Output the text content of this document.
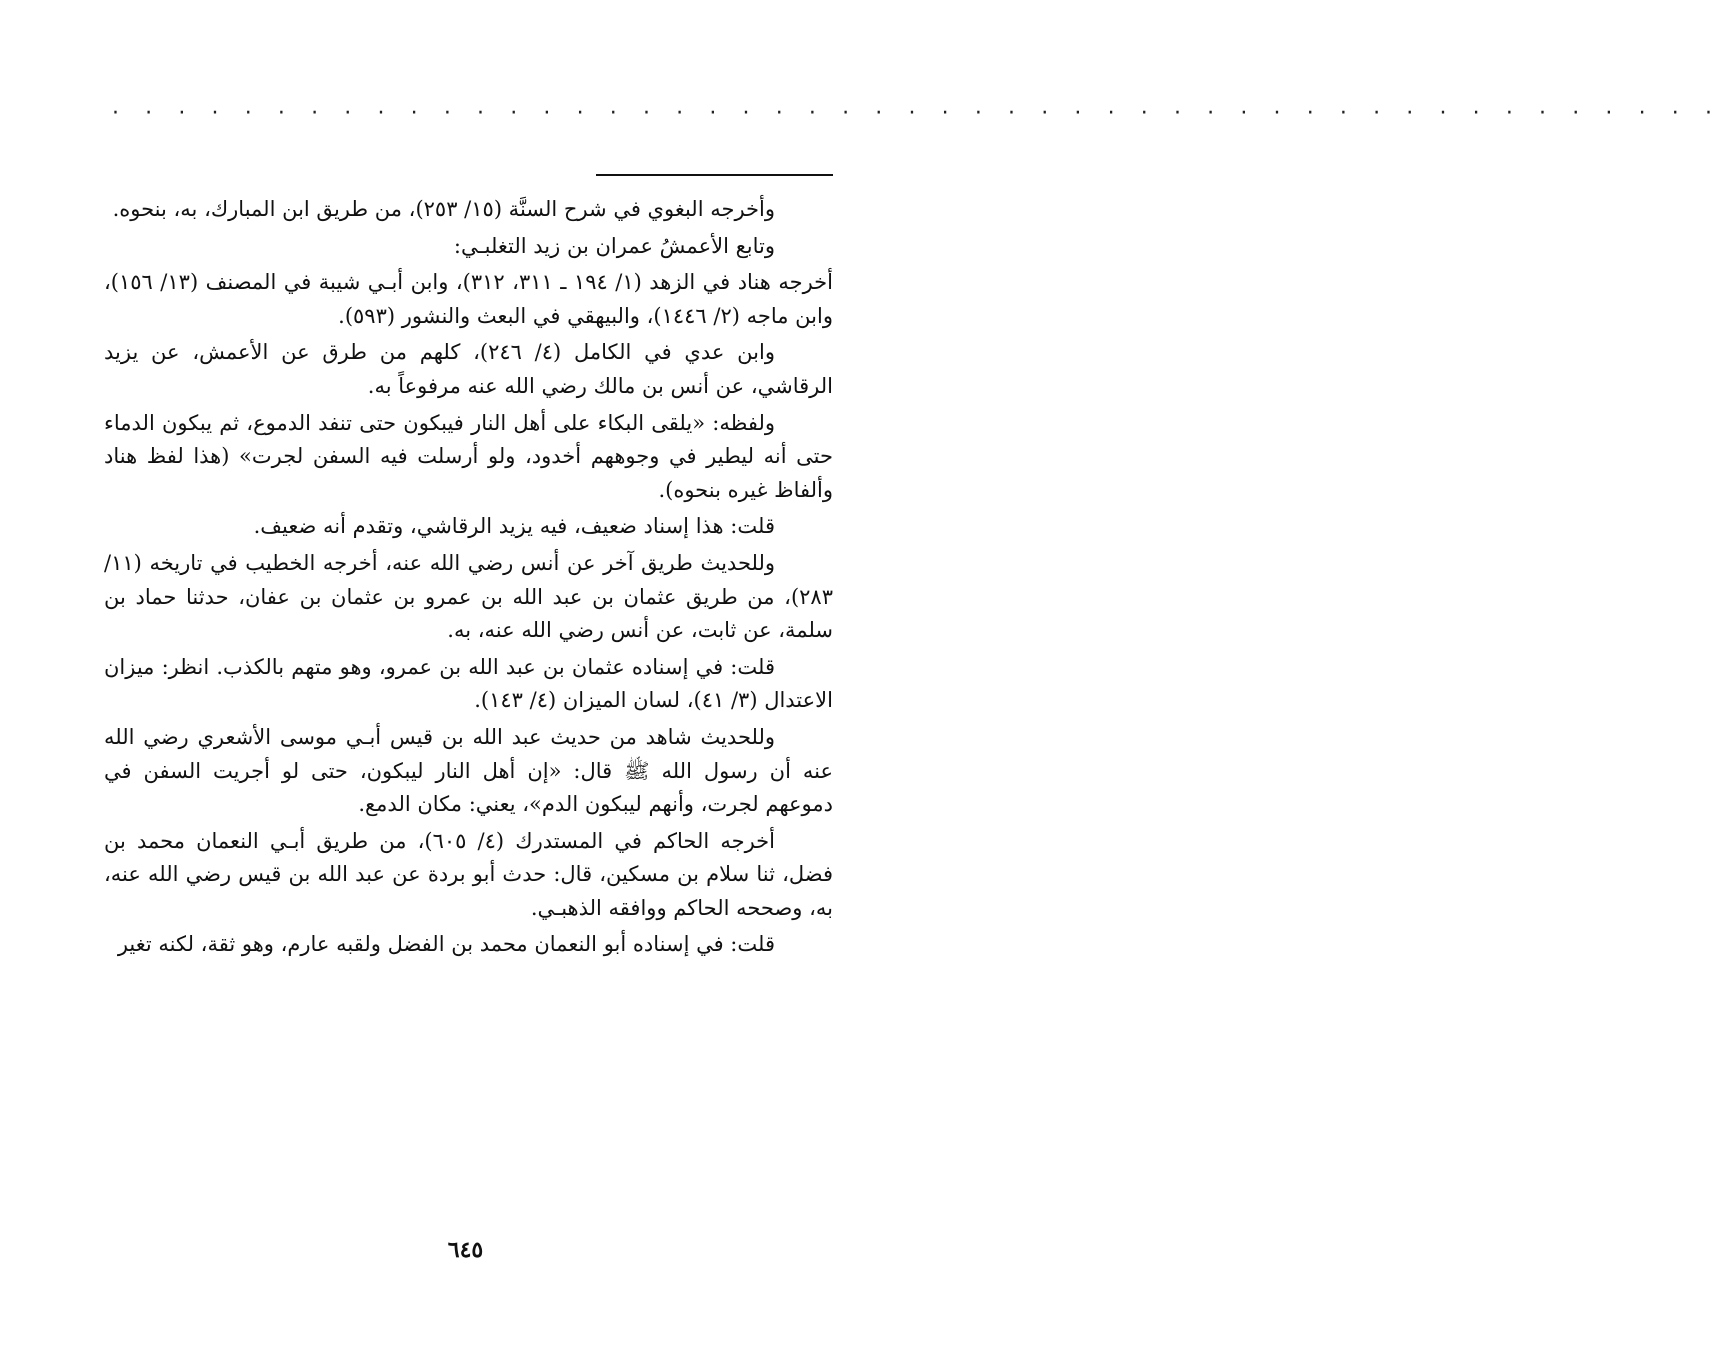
· · · · · · · · · · · · · · · · · · · · · · · · · · · · · · · · · · · · · · · · · · · · · · · · ·

وأخرجه البغوي في شرح السنَّة (١٥/ ٢٥٣)، من طريق ابن المبارك، به، بنحوه.

وتابع الأعمشُ عمران بن زيد التغلبـي:

أخرجه هناد في الزهد (١/ ١٩٤ ـ ٣١١، ٣١٢)، وابن أبـي شيبة في المصنف (١٣/ ١٥٦)، وابن ماجه (٢/ ١٤٤٦)، والبيهقي في البعث والنشور (٥٩٣).

وابن عدي في الكامل (٤/ ٢٤٦)، كلهم من طرق عن الأعمش، عن يزيد الرقاشي، عن أنس بن مالك رضي الله عنه مرفوعاً به.

ولفظه: «يلقى البكاء على أهل النار فيبكون حتى تنفد الدموع، ثم يبكون الدماء حتى أنه ليطير في وجوههم أخدود، ولو أرسلت فيه السفن لجرت» (هذا لفظ هناد وألفاظ غيره بنحوه).

قلت: هذا إسناد ضعيف، فيه يزيد الرقاشي، وتقدم أنه ضعيف.

وللحديث طريق آخر عن أنس رضي الله عنه، أخرجه الخطيب في تاريخه (١١/ ٢٨٣)، من طريق عثمان بن عبد الله بن عمرو بن عثمان بن عفان، حدثنا حماد بن سلمة، عن ثابت، عن أنس رضي الله عنه، به.

قلت: في إسناده عثمان بن عبد الله بن عمرو، وهو متهم بالكذب. انظر: ميزان الاعتدال (٣/ ٤١)، لسان الميزان (٤/ ١٤٣).

وللحديث شاهد من حديث عبد الله بن قيس أبـي موسى الأشعري رضي الله عنه أن رسول الله ﷺ قال: «إن أهل النار ليبكون، حتى لو أجريت السفن في دموعهم لجرت، وأنهم ليبكون الدم»، يعني: مكان الدمع.

أخرجه الحاكم في المستدرك (٤/ ٦٠٥)، من طريق أبـي النعمان محمد بن فضل، ثنا سلام بن مسكين، قال: حدث أبو بردة عن عبد الله بن قيس رضي الله عنه، به، وصححه الحاكم ووافقه الذهبـي.

قلت: في إسناده أبو النعمان محمد بن الفضل ولقبه عارم، وهو ثقة، لكنه تغير

٦٤٥
